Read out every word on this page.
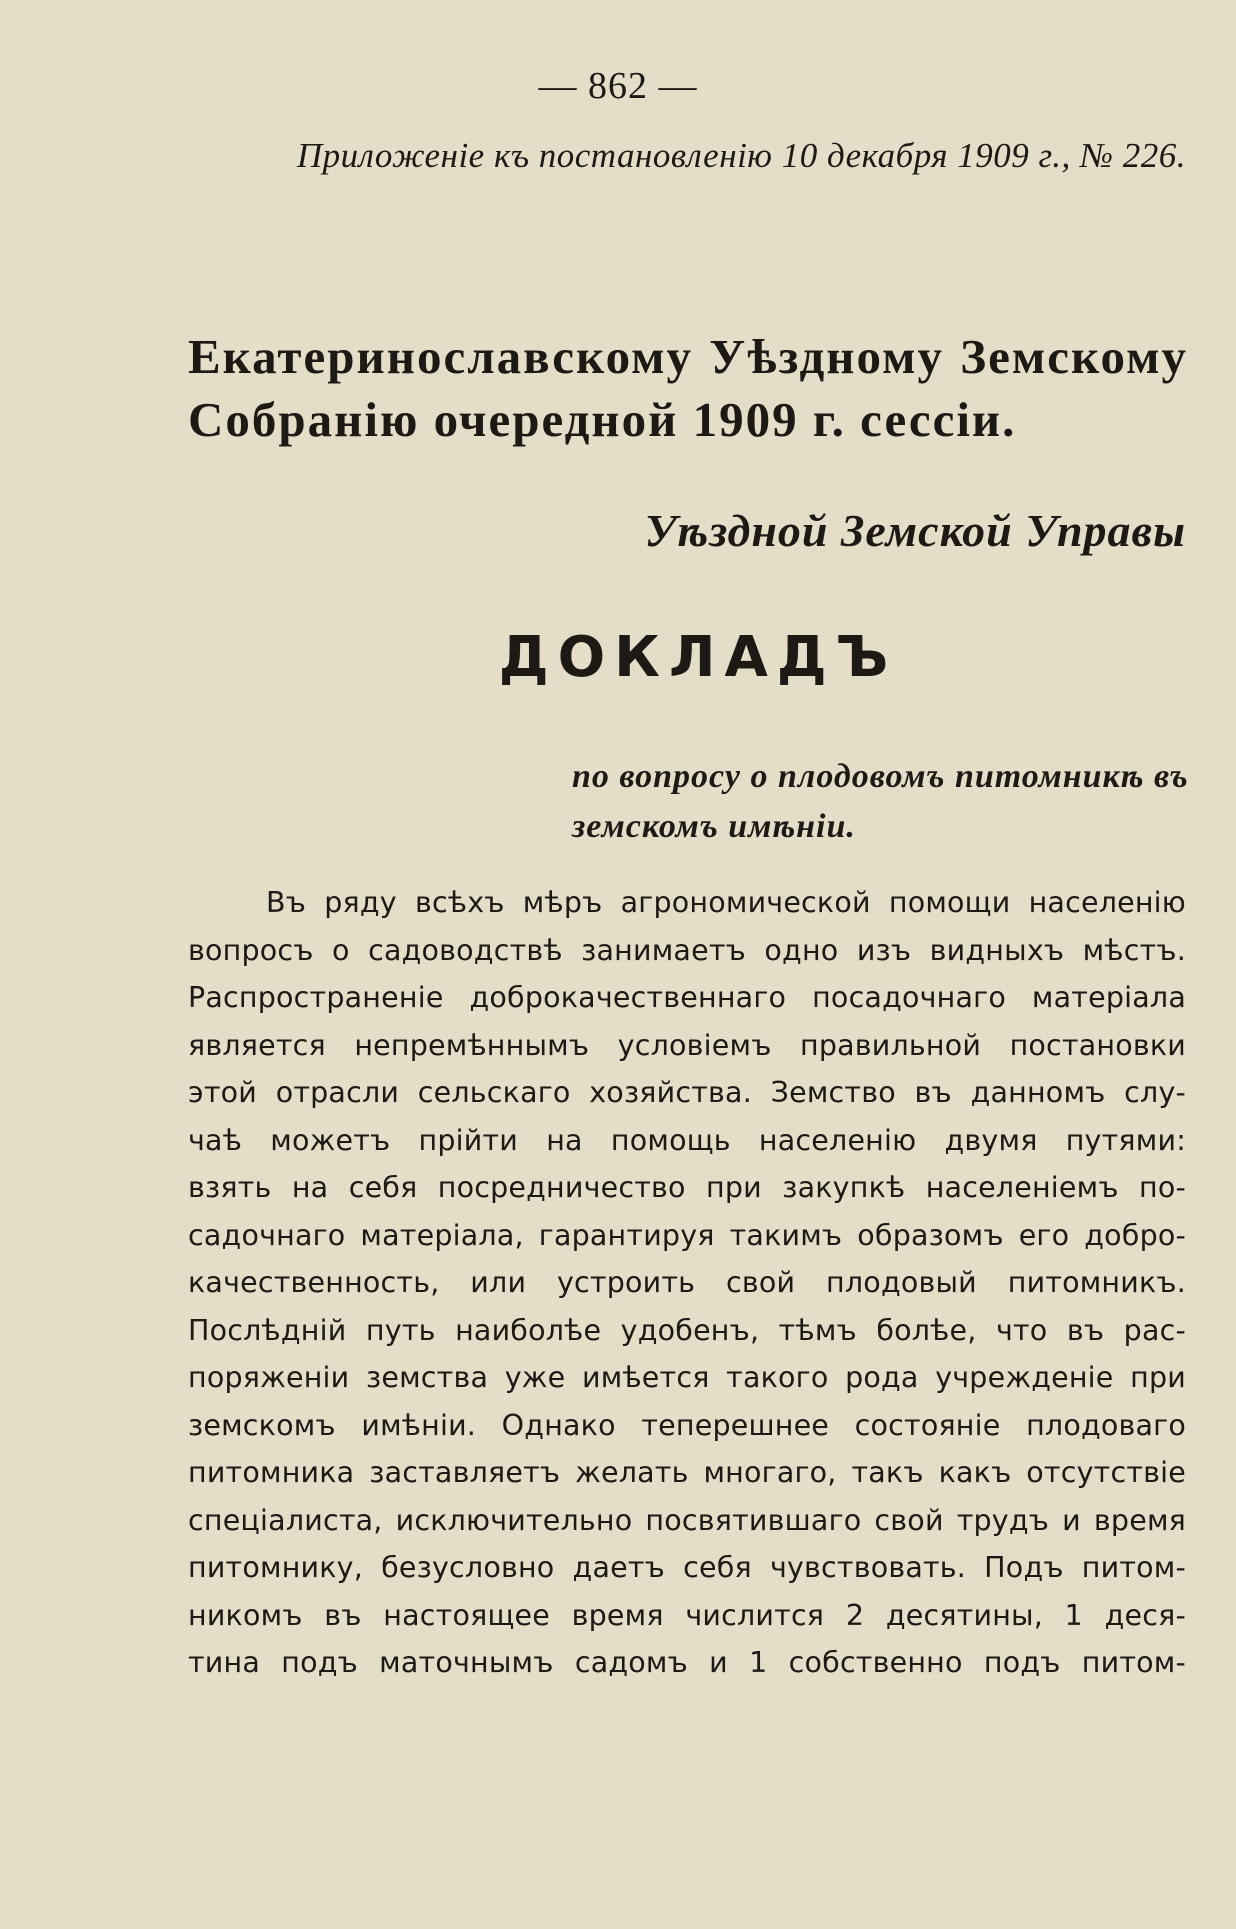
— 862 —
Приложеніе къ постановленію 10 декабря 1909 г., № 226.
Екатеринославскому Уѣздному Земскому
Собранію очередной 1909 г. сессіи.
Уѣздной Земской Управы
ДОКЛАДЪ
по вопросу о плодовомъ питомникѣ въ
земскомъ имѣніи.
Въ ряду всѣхъ мѣръ агрономической помощи населенію
вопросъ о садоводствѣ занимаетъ одно изъ видныхъ мѣстъ.
Распространеніе доброкачественнаго посадочнаго матеріала
является непремѣннымъ условіемъ правильной постановки
этой отрасли сельскаго хозяйства. Земство въ данномъ слу-
чаѣ можетъ прійти на помощь населенію двумя путями:
взять на себя посредничество при закупкѣ населеніемъ по-
садочнаго матеріала, гарантируя такимъ образомъ его добро-
качественность, или устроить свой плодовый питомникъ.
Послѣдній путь наиболѣе удобенъ, тѣмъ болѣе, что въ рас-
поряженіи земства уже имѣется такого рода учрежденіе при
земскомъ имѣніи. Однако теперешнее состояніе плодоваго
питомника заставляетъ желать многаго, такъ какъ отсутствіе
спеціалиста, исключительно посвятившаго свой трудъ и время
питомнику, безусловно даетъ себя чувствовать. Подъ питом-
никомъ въ настоящее время числится 2 десятины, 1 деся-
тина подъ маточнымъ садомъ и 1 собственно подъ питом-
